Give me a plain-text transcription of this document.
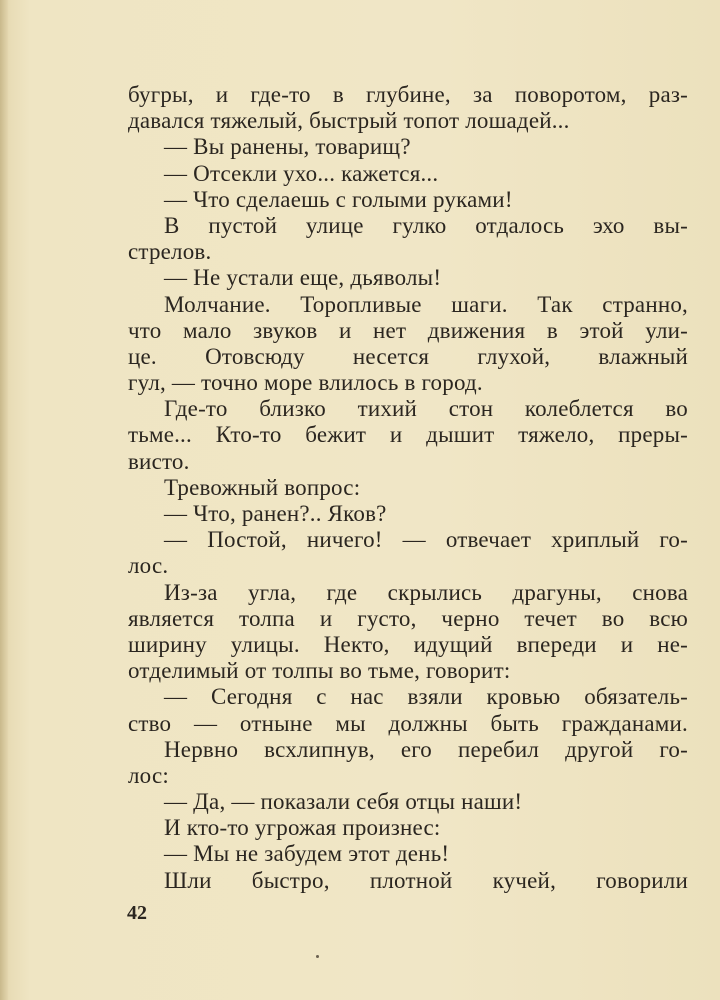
бугры, и где-то в глубине, за поворотом, раз-
давался тяжелый, быстрый топот лошадей...
— Вы ранены, товарищ?
— Отсекли ухо... кажется...
— Что сделаешь с голыми руками!
В пустой улице гулко отдалось эхо вы-
стрелов.
— Не устали еще, дьяволы!
Молчание. Торопливые шаги. Так странно,
что мало звуков и нет движения в этой ули-
це. Отовсюду несется глухой, влажный
гул, — точно море влилось в город.
Где-то близко тихий стон колеблется во
тьме... Кто-то бежит и дышит тяжело, преры-
висто.
Тревожный вопрос:
— Что, ранен?.. Яков?
— Постой, ничего! — отвечает хриплый го-
лос.
Из-за угла, где скрылись драгуны, снова
является толпа и густо, черно течет во всю
ширину улицы. Некто, идущий впереди и не-
отделимый от толпы во тьме, говорит:
— Сегодня с нас взяли кровью обязатель-
ство — отныне мы должны быть гражданами.
Нервно всхлипнув, его перебил другой го-
лос:
— Да, — показали себя отцы наши!
И кто-то угрожая произнес:
— Мы не забудем этот день!
Шли быстро, плотной кучей, говорили
42
